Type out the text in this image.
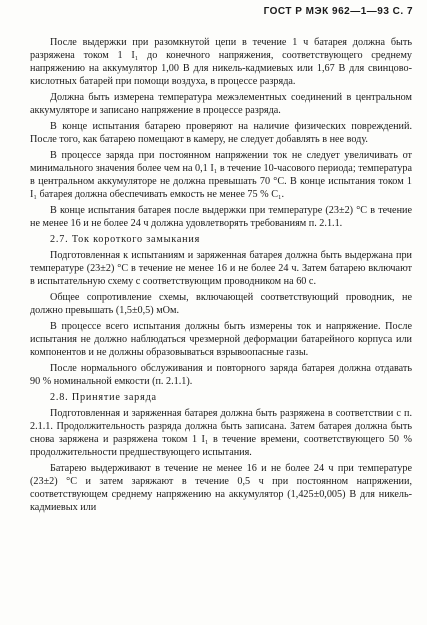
ГОСТ Р МЭК 962—1—93 С. 7

После выдержки при разомкнутой цепи в течение 1 ч батарея должна быть разряжена током 1 I₁ до конечного напряжения, соответствующего среднему напряжению на аккумулятор 1,00 В для никель-кадмиевых или 1,67 В для свинцово-кислотных батарей при помощи воздуха, в процессе разряда.

Должна быть измерена температура межэлементных соединений в центральном аккумуляторе и записано напряжение в процессе разряда.

В конце испытания батарею проверяют на наличие физических повреждений. После того, как батарею помещают в камеру, не следует добавлять в нее воду.

В процессе заряда при постоянном напряжении ток не следует увеличивать от минимального значения более чем на 0,1 I₁ в течение 10-часового периода; температура в центральном аккумуляторе не должна превышать 70 °C. В конце испытания током 1 I₁ батарея должна обеспечивать емкость не менее 75 % C₁.

В конце испытания батарея после выдержки при температуре (23±2) °C в течение не менее 16 и не более 24 ч должна удовлетворять требованиям п. 2.1.1.

2.7. Ток короткого замыкания

Подготовленная к испытаниям и заряженная батарея должна быть выдержана при температуре (23±2) °C в течение не менее 16 и не более 24 ч. Затем батарею включают в испытательную схему с соответствующим проводником на 60 с.

Общее сопротивление схемы, включающей соответствующий проводник, не должно превышать (1,5±0,5) мОм.

В процессе всего испытания должны быть измерены ток и напряжение. После испытания не должно наблюдаться чрезмерной деформации батарейного корпуса или компонентов и не должны образовываться взрывоопасные газы.

После нормального обслуживания и повторного заряда батарея должна отдавать 90 % номинальной емкости (п. 2.1.1).

2.8. Принятие заряда

Подготовленная и заряженная батарея должна быть разряжена в соответствии с п. 2.1.1. Продолжительность разряда должна быть записана. Затем батарея должна быть снова заряжена и разряжена током 1 I₁ в течение времени, соответствующего 50 % продолжительности предшествующего испытания.

Батарею выдерживают в течение не менее 16 и не более 24 ч при температуре (23±2) °C и затем заряжают в течение 0,5 ч при постоянном напряжении, соответствующем среднему напряжению на аккумулятор (1,425±0,005) В для никель-кадмиевых или
